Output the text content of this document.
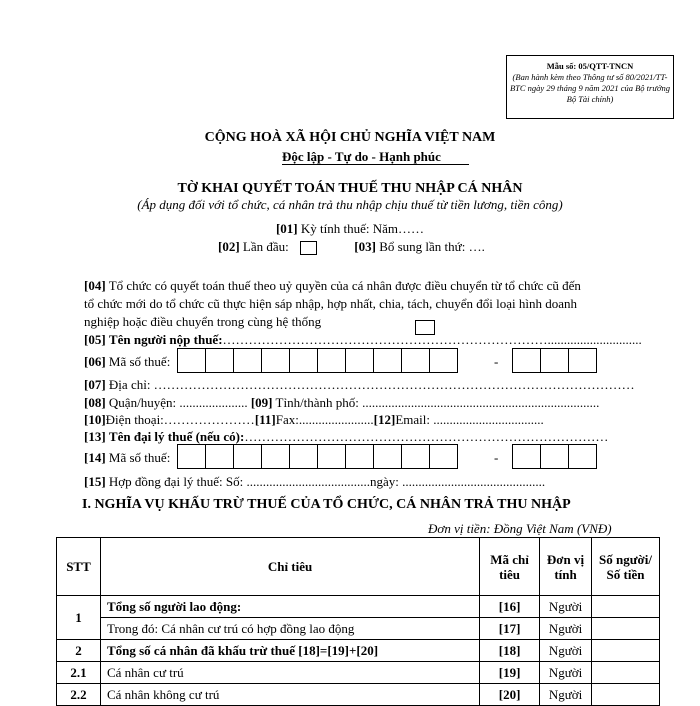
Mẫu số: 05/QTT-TNCN
(Ban hành kèm theo Thông tư số 80/2021/TT-BTC ngày 29 tháng 9 năm 2021 của Bộ trưởng Bộ Tài chính)
CỘNG HOÀ XÃ HỘI CHỦ NGHĨA VIỆT NAM
Độc lập - Tự do - Hạnh phúc
TỜ KHAI QUYẾT TOÁN THUẾ THU NHẬP CÁ NHÂN
(Áp dụng đối với tổ chức, cá nhân trả thu nhập chịu thuế từ tiền lương, tiền công)
[01] Kỳ tính thuế: Năm……
[02] Lần đầu:	[03] Bổ sung lần thứ: ….
[04] Tổ chức có quyết toán thuế theo uỷ quyền của cá nhân được điều chuyển từ tổ chức cũ đến
tổ chức mới do tổ chức cũ thực hiện sáp nhập, hợp nhất, chia, tách, chuyển đổi loại hình doanh
nghiệp hoặc điều chuyển trong cùng hệ thống
[05] Tên người nộp thuế:………………………………………………………………….............................
[06] Mã số thuế:	-
[07] Địa chỉ: …………………………………………………………………………………………………
[08] Quận/huyện: ..................... [09] Tỉnh/thành phố: .........................................................................
[10]Điện thoại:…………………[11]Fax:.......................[12]Email: ..................................
[13] Tên đại lý thuế (nếu có):…………………………………………………………………………
[14] Mã số thuế:	-
[15] Hợp đồng đại lý thuế: Số: ......................................ngày: ............................................
I. NGHĨA VỤ KHẤU TRỪ THUẾ CỦA TỔ CHỨC, CÁ NHÂN TRẢ THU NHẬP
Đơn vị tiền: Đồng Việt Nam (VNĐ)
STT	Chỉ tiêu	Mã chỉ tiêu	Đơn vị tính	Số người/ Số tiền
1	Tổng số người lao động:	[16]	Người	
	Trong đó: Cá nhân cư trú có hợp đồng lao động	[17]	Người	
2	Tổng số cá nhân đã khấu trừ thuế [18]=[19]+[20]	[18]	Người	
2.1	Cá nhân cư trú	[19]	Người	
2.2	Cá nhân không cư trú	[20]	Người	
